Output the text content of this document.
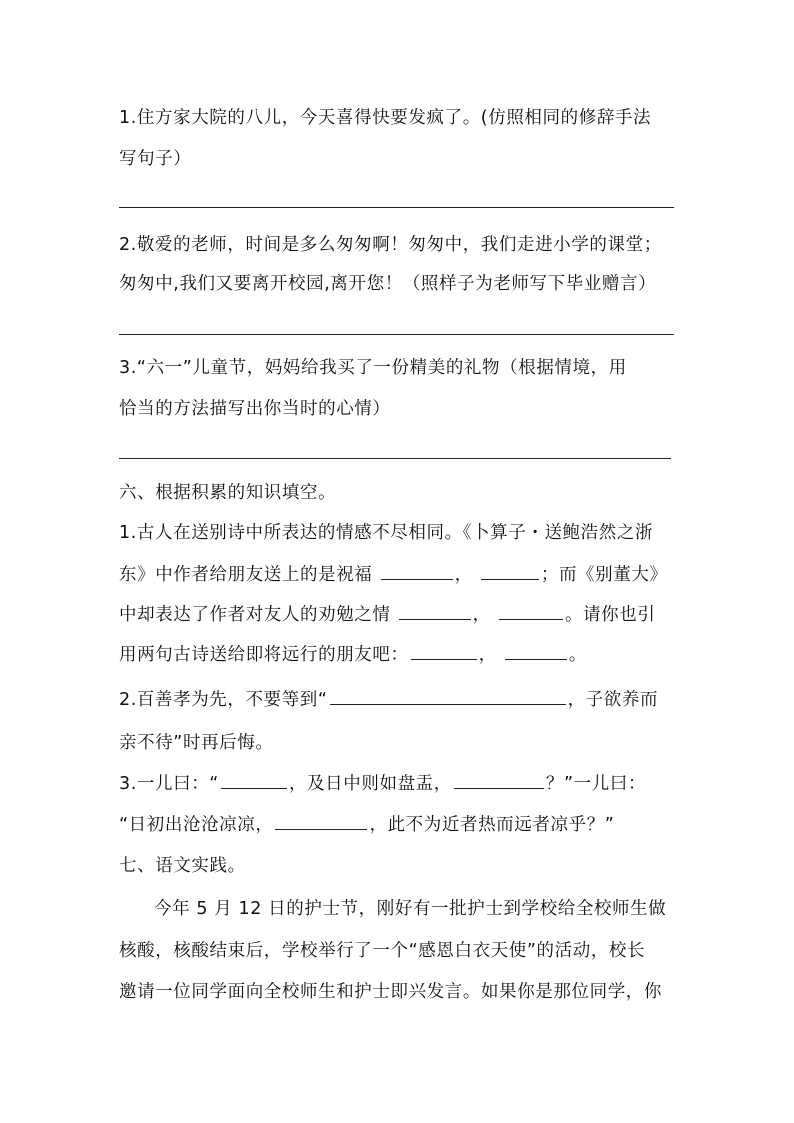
1.住方家大院的八儿，今天喜得快要发疯了。(仿照相同的修辞手法
写句子）
2.敬爱的老师，时间是多么匆匆啊！匆匆中，我们走进小学的课堂；
匆匆中,我们又要离开校园,离开您！（照样子为老师写下毕业赠言）
3.“六一”儿童节，妈妈给我买了一份精美的礼物（根据情境，用
恰当的方法描写出你当时的心情）
六、根据积累的知识填空。
1.古人在送别诗中所表达的情感不尽相同。《卜算子・送鲍浩然之浙
东》中作者给朋友送上的是祝福	，	；而《别董大》
中却表达了作者对友人的劝勉之情	，	。请你也引
用两句古诗送给即将远行的朋友吧：	，	。
2.百善孝为先，不要等到“	，子欲养而
亲不待”时再后悔。
3.一儿曰：“	，及日中则如盘盂，	？”一儿曰：
“日初出沧沧凉凉，	，此不为近者热而远者凉乎？”
七、语文实践。
今年 5 月 12 日的护士节，刚好有一批护士到学校给全校师生做
核酸，核酸结束后，学校举行了一个“感恩白衣天使”的活动，校长
邀请一位同学面向全校师生和护士即兴发言。如果你是那位同学，你
